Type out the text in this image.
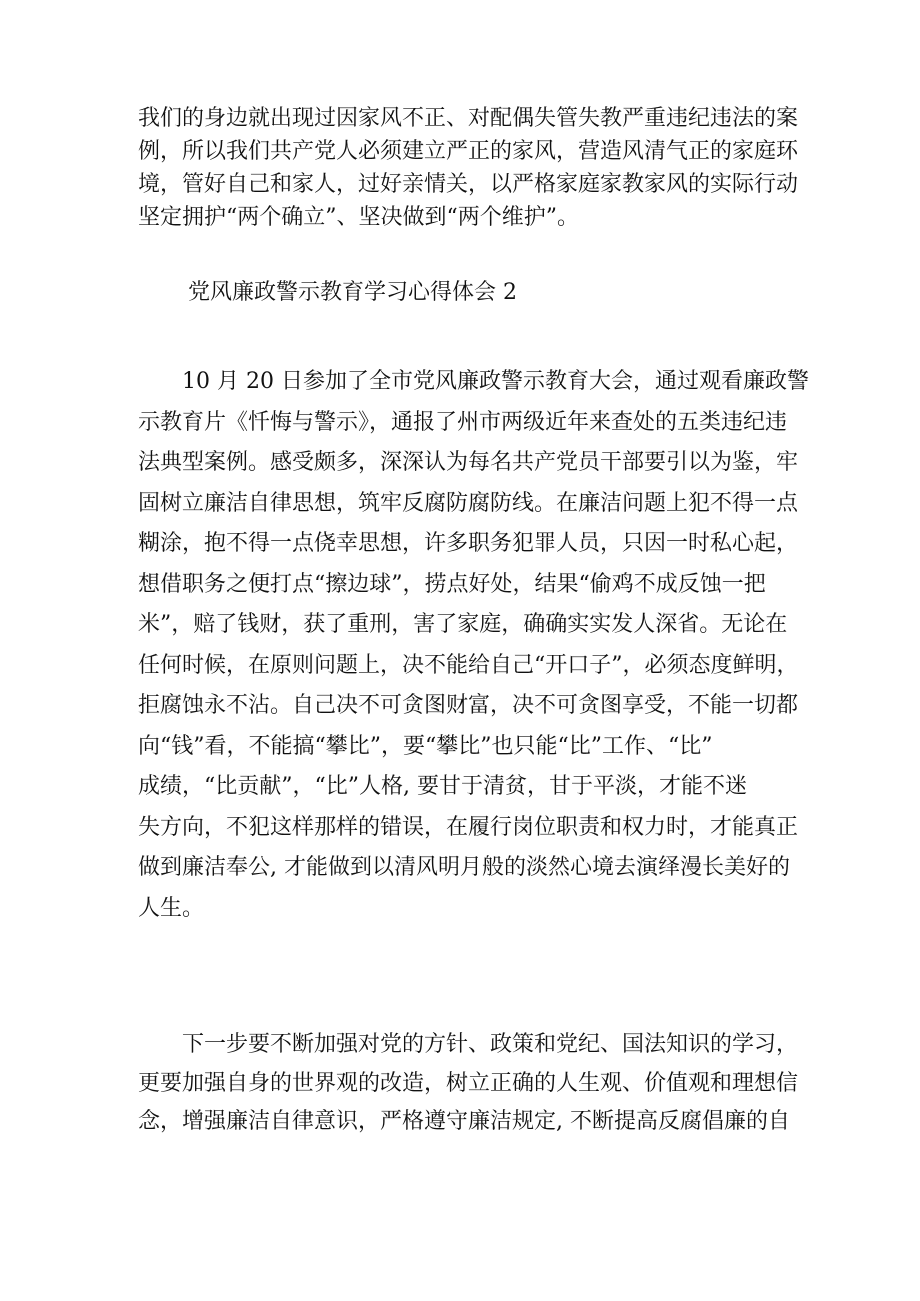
我们的身边就出现过因家风不正、对配偶失管失教严重违纪违法的案
例，所以我们共产党人必须建立严正的家风，营造风清气正的家庭环
境，管好自己和家人，过好亲情关，以严格家庭家教家风的实际行动
坚定拥护“两个确立”、坚决做到“两个维护”。
党风廉政警示教育学习心得体会 2
　　10 月 20 日参加了全市党风廉政警示教育大会，通过观看廉政警
示教育片《忏悔与警示》，通报了州市两级近年来查处的五类违纪违
法典型案例。感受颇多，深深认为每名共产党员干部要引以为鉴，牢
固树立廉洁自律思想，筑牢反腐防腐防线。在廉洁问题上犯不得一点
糊涂，抱不得一点侥幸思想，许多职务犯罪人员，只因一时私心起，
想借职务之便打点“擦边球”，捞点好处，结果“偷鸡不成反蚀一把
米”，赔了钱财，获了重刑，害了家庭，确确实实发人深省。无论在
任何时候，在原则问题上，决不能给自己“开口子”，必须态度鲜明，
拒腐蚀永不沾。自己决不可贪图财富，决不可贪图享受，不能一切都
向“钱”看，不能搞“攀比”，要“攀比”也只能“比”工作、“比”
成绩，“比贡献”，“比”人格, 要甘于清贫，甘于平淡，才能不迷
失方向，不犯这样那样的错误，在履行岗位职责和权力时，才能真正
做到廉洁奉公, 才能做到以清风明月般的淡然心境去演绎漫长美好的
人生。
　　下一步要不断加强对党的方针、政策和党纪、国法知识的学习，
更要加强自身的世界观的改造，树立正确的人生观、价值观和理想信
念，增强廉洁自律意识，严格遵守廉洁规定, 不断提高反腐倡廉的自
